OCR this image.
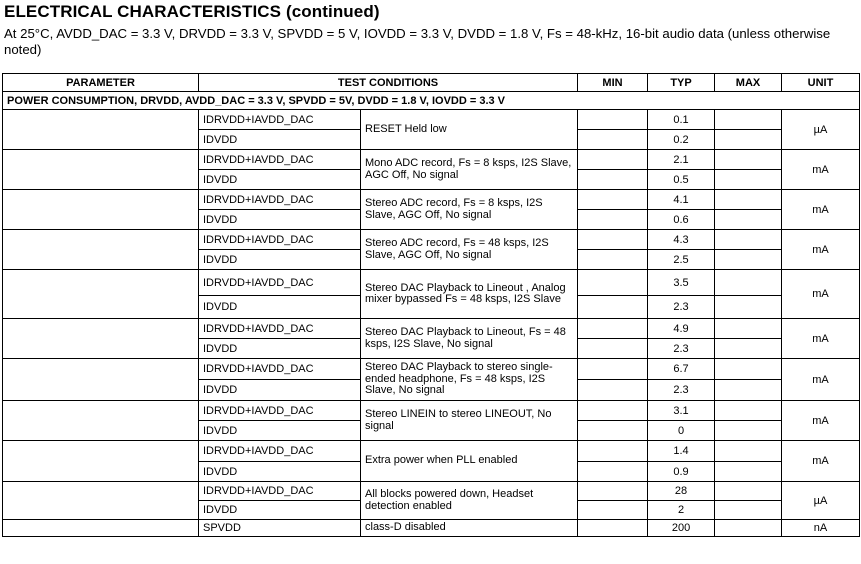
ELECTRICAL CHARACTERISTICS (continued)
At 25°C, AVDD_DAC = 3.3 V, DRVDD = 3.3 V, SPVDD = 5 V, IOVDD = 3.3 V, DVDD = 1.8 V, Fs = 48-kHz, 16-bit audio data (unless otherwise noted)
PARAMETER	TEST CONDITIONS		MIN	TYP	MAX	UNIT
POWER CONSUMPTION, DRVDD, AVDD_DAC = 3.3 V, SPVDD = 5V, DVDD = 1.8 V, IOVDD = 3.3 V						
	IDRVDD+IAVDD_DAC	RESET Held low		0.1		µA
	IDVDD			0.2		
	IDRVDD+IAVDD_DAC	Mono ADC record, Fs = 8 ksps, I2S Slave, AGC Off, No signal		2.1		mA
	IDVDD			0.5		
	IDRVDD+IAVDD_DAC	Stereo ADC record, Fs = 8 ksps, I2S Slave, AGC Off, No signal		4.1		mA
	IDVDD			0.6		
	IDRVDD+IAVDD_DAC	Stereo ADC record, Fs = 48 ksps, I2S Slave, AGC Off, No signal		4.3		mA
	IDVDD			2.5		
	IDRVDD+IAVDD_DAC	Stereo DAC Playback to Lineout , Analog mixer bypassed Fs = 48 ksps, I2S Slave		3.5		mA
	IDVDD			2.3		
	IDRVDD+IAVDD_DAC	Stereo DAC Playback to Lineout, Fs = 48 ksps, I2S Slave, No signal		4.9		mA
	IDVDD			2.3		
	IDRVDD+IAVDD_DAC	Stereo DAC Playback to stereo single-ended headphone, Fs = 48 ksps, I2S Slave, No signal		6.7		mA
	IDVDD			2.3		
	IDRVDD+IAVDD_DAC	Stereo LINEIN to stereo LINEOUT, No signal		3.1		mA
	IDVDD			0		
	IDRVDD+IAVDD_DAC	Extra power when PLL enabled		1.4		mA
	IDVDD			0.9		
	IDRVDD+IAVDD_DAC	All blocks powered down, Headset detection enabled		28		µA
	IDVDD			2		
	SPVDD	class-D disabled		200		nA
